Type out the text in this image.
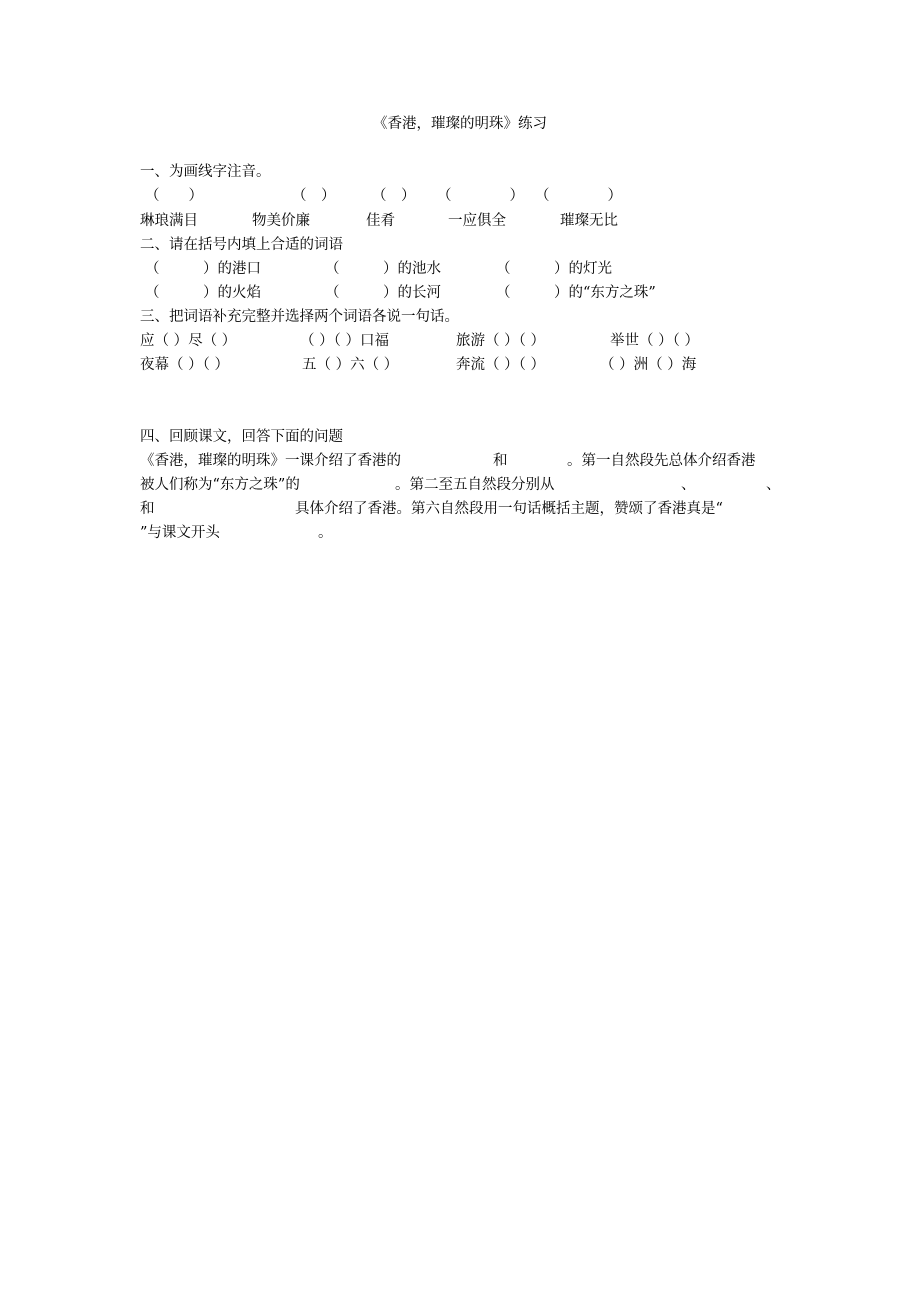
《香港，璀璨的明珠》练习
一、为画线字注音。
（　　）	（　）	（　） （　　　　） （　　　　）
琳琅满目	物美价廉	佳肴	一应俱全	璀璨无比
二、请在括号内填上合适的词语
（　　　）的港口	（　　　）的池水	（　　　）的灯光
（　　　）的火焰	（　　　）的长河	（　　　）的“东方之珠”
三、把词语补充完整并选择两个词语各说一句话。
应（ ）尽（ ）	（ ）（ ）口福	旅游（ ）（ ）	举世（ ）（ ）
夜幕（ ）（ ）	五（ ）六（ ）	奔流（ ）（ ）	（ ）洲（ ）海
四、回顾课文，回答下面的问题
《香港，璀璨的明珠》一课介绍了香港的	和	。第一自然段先总体介绍香港
被人们称为“东方之珠”的	。第二至五自然段分别从	、	、
和	具体介绍了香港。第六自然段用一句话概括主题，赞颂了香港真是“
”与课文开头	。
